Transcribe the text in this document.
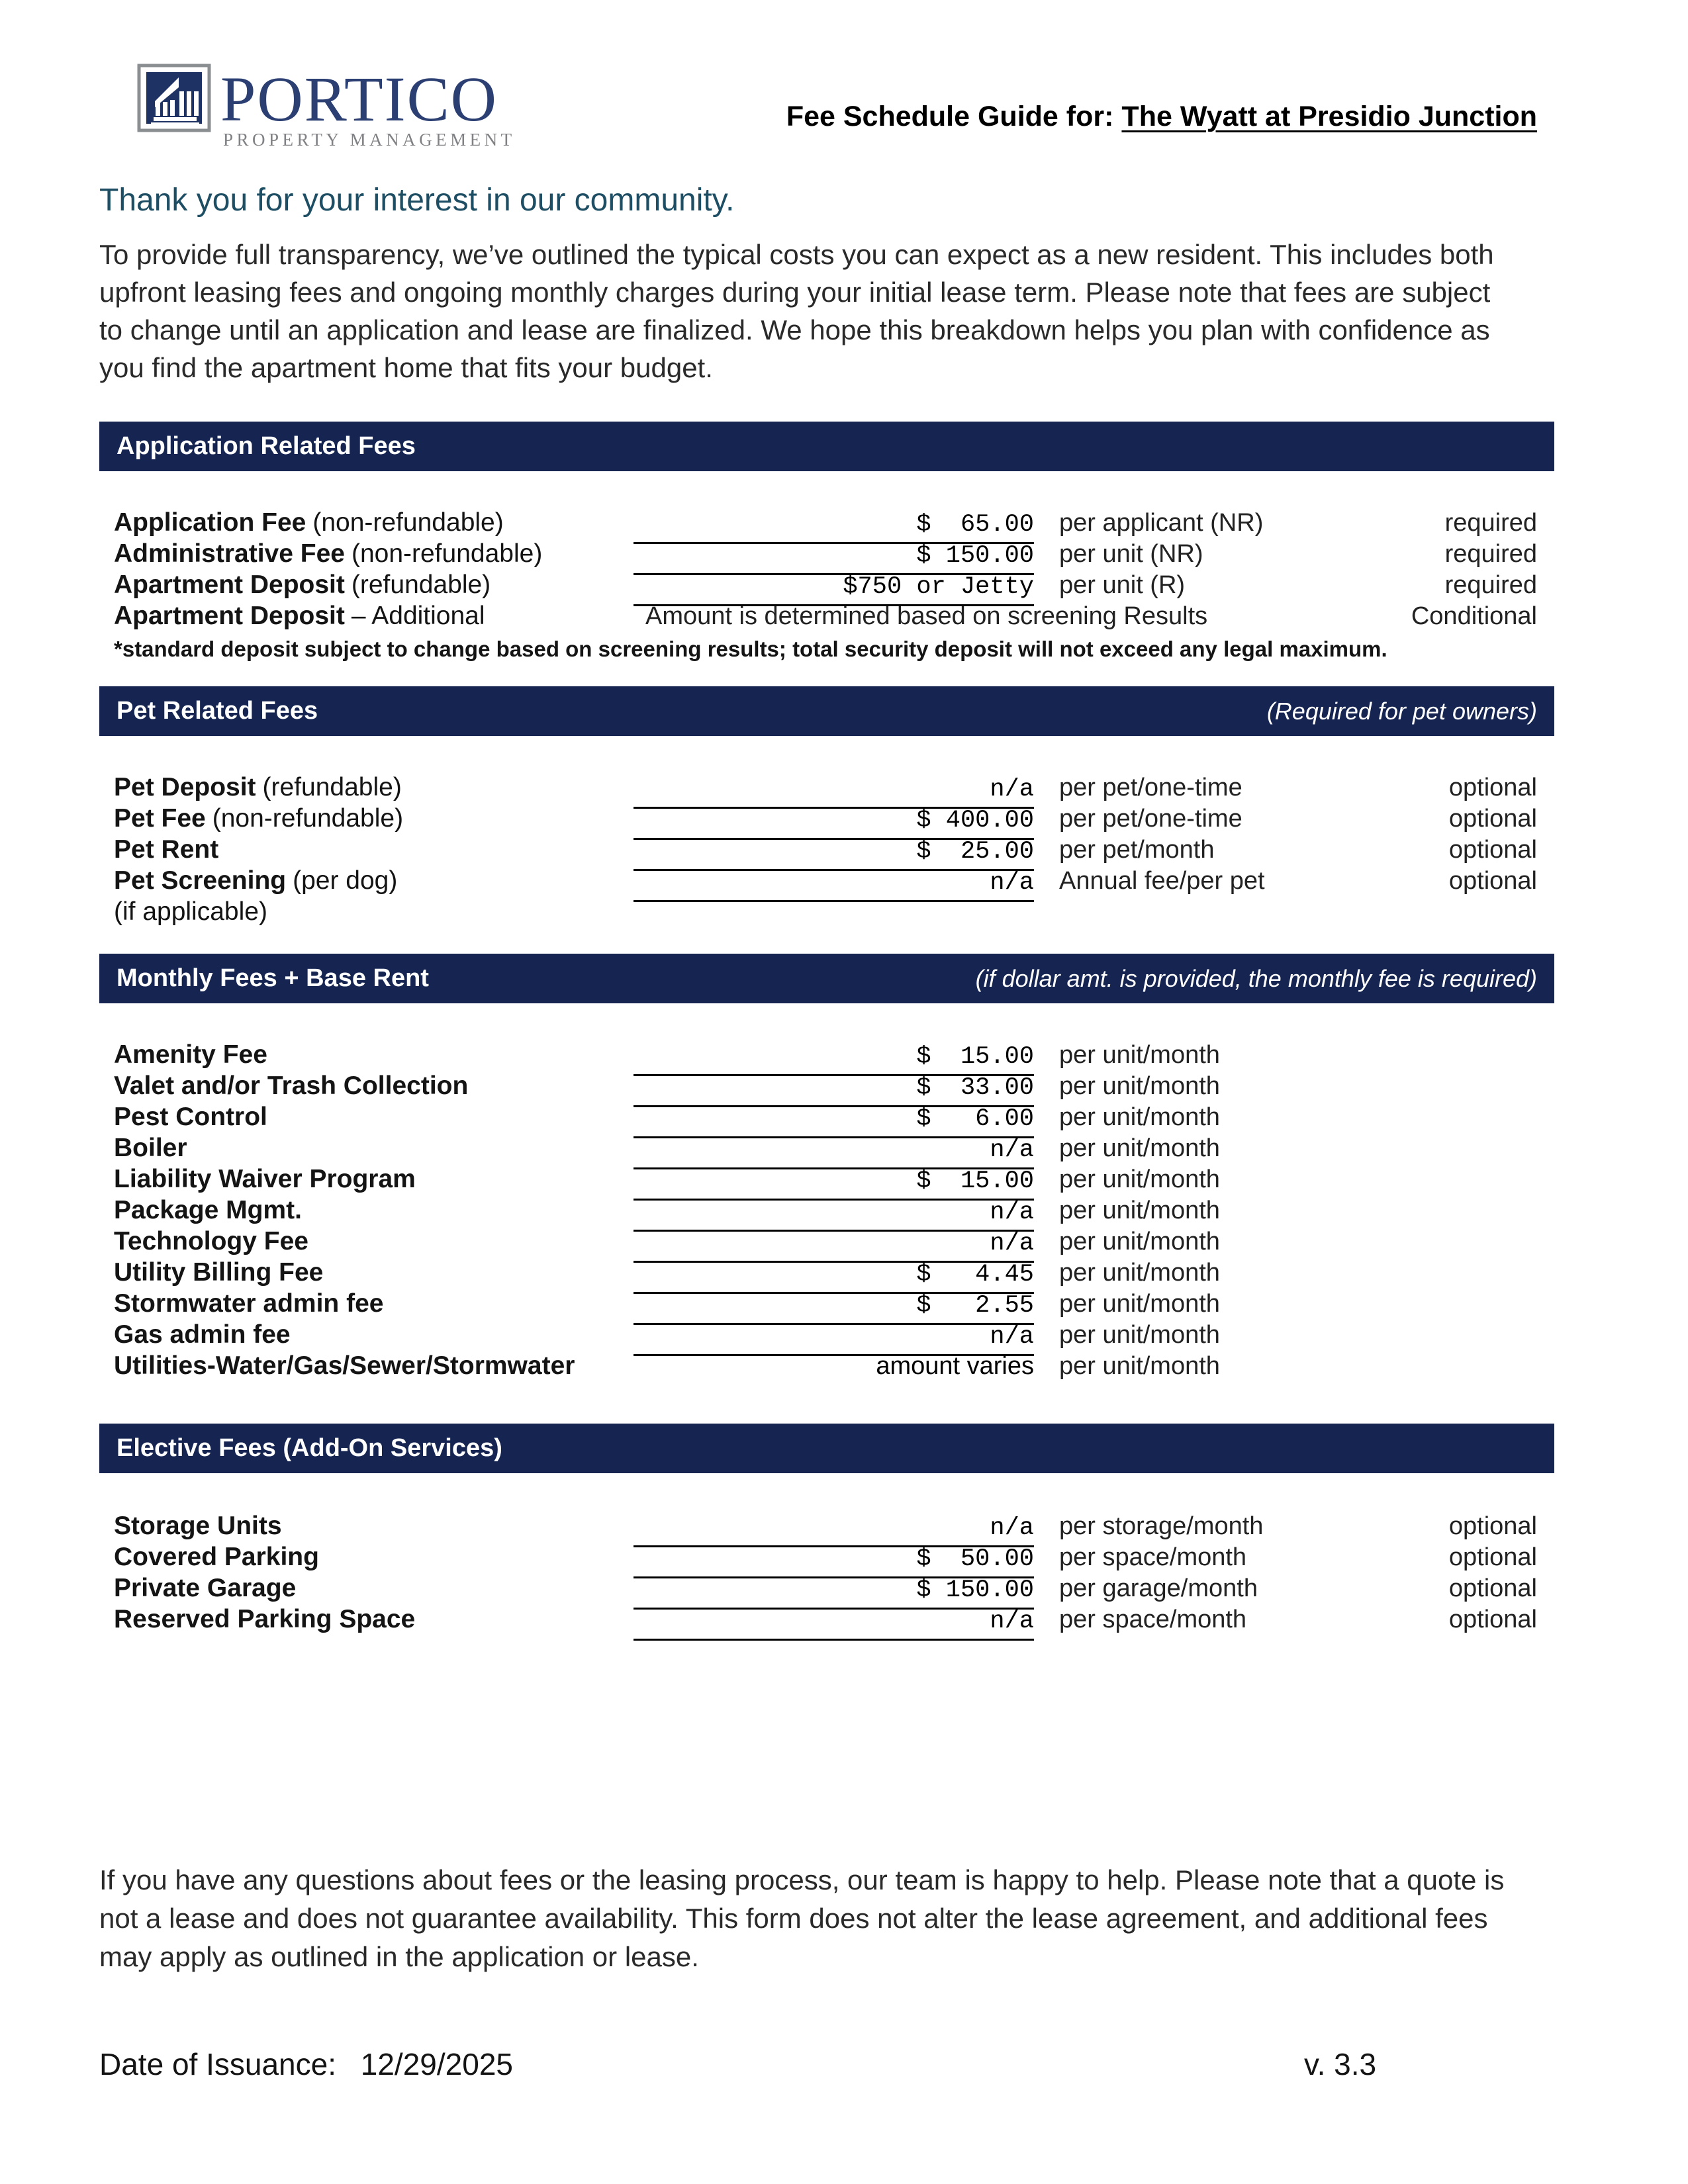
PORTICO
PROPERTY MANAGEMENT
Fee Schedule Guide for: The Wyatt at Presidio Junction
Thank you for your interest in our community.
To provide full transparency, we’ve outlined the typical costs you can expect as a new resident. This includes both
upfront leasing fees and ongoing monthly charges during your initial lease term. Please note that fees are subject
to change until an application and lease are finalized. We hope this breakdown helps you plan with confidence as
you find the apartment home that fits your budget.
Application Related Fees
Application Fee (non-refundable)	$  65.00	per applicant (NR)	required
Administrative Fee (non-refundable)	$ 150.00	per unit (NR)	required
Apartment Deposit (refundable)	$750 or Jetty	per unit (R)	required
Apartment Deposit – Additional	Amount is determined based on screening Results	Conditional
*standard deposit subject to change based on screening results; total security deposit will not exceed any legal maximum.
Pet Related Fees	(Required for pet owners)
Pet Deposit (refundable)	n/a	per pet/one-time	optional
Pet Fee (non-refundable)	$ 400.00	per pet/one-time	optional
Pet Rent	$  25.00	per pet/month	optional
Pet Screening (per dog)	n/a	Annual fee/per pet	optional
(if applicable)
Monthly Fees + Base Rent	(if dollar amt. is provided, the monthly fee is required)
Amenity Fee	$  15.00	per unit/month
Valet and/or Trash Collection	$  33.00	per unit/month
Pest Control	$   6.00	per unit/month
Boiler	n/a	per unit/month
Liability Waiver Program	$  15.00	per unit/month
Package Mgmt.	n/a	per unit/month
Technology Fee	n/a	per unit/month
Utility Billing Fee	$   4.45	per unit/month
Stormwater admin fee	$   2.55	per unit/month
Gas admin fee	n/a	per unit/month
Utilities-Water/Gas/Sewer/Stormwater	amount varies	per unit/month
Elective Fees (Add-On Services)
Storage Units	n/a	per storage/month	optional
Covered Parking	$  50.00	per space/month	optional
Private Garage	$ 150.00	per garage/month	optional
Reserved Parking Space	n/a	per space/month	optional
If you have any questions about fees or the leasing process, our team is happy to help. Please note that a quote is
not a lease and does not guarantee availability. This form does not alter the lease agreement, and additional fees
may apply as outlined in the application or lease.
Date of Issuance: 12/29/2025	v. 3.3
